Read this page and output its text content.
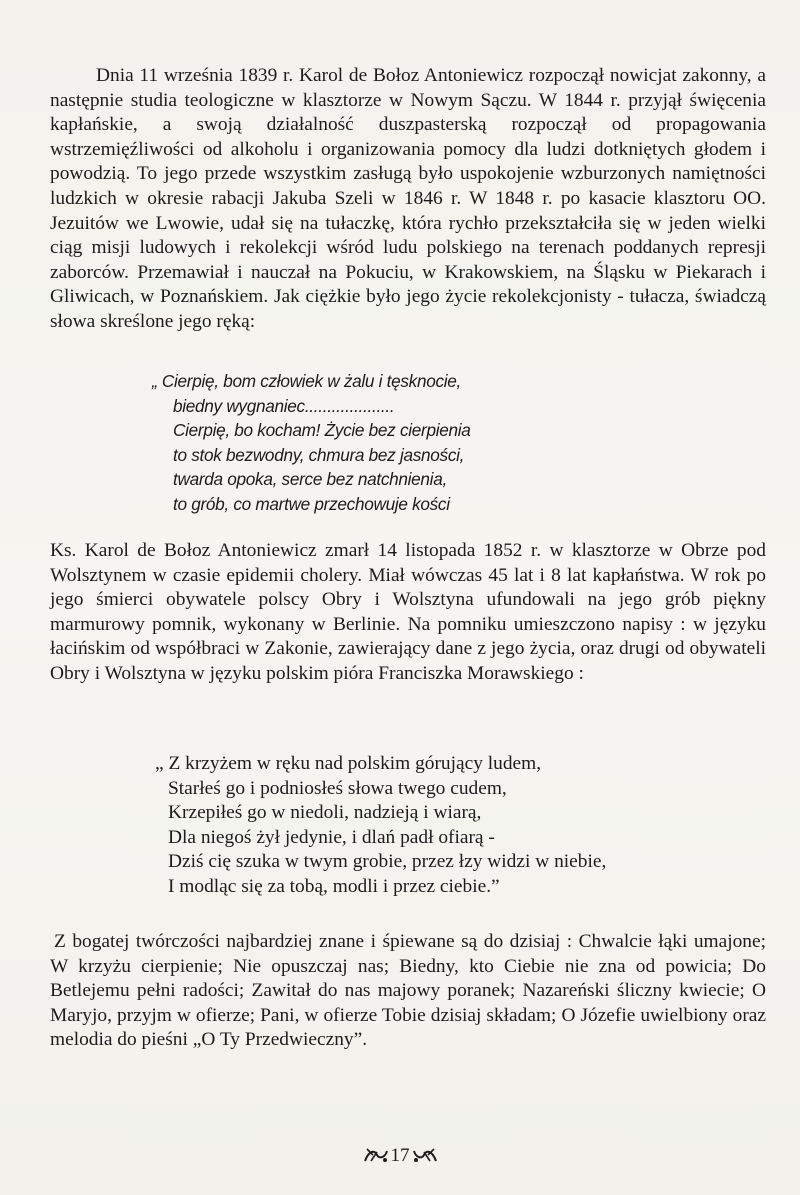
Dnia 11 września 1839 r. Karol de Bołoz Antoniewicz rozpoczął nowicjat zakonny, a następnie studia teologiczne w klasztorze w Nowym Sączu. W 1844 r. przyjął święcenia kapłańskie, a swoją działalność duszpasterską rozpoczął od propagowania wstrzemięźliwości od alkoholu i organizowania pomocy dla ludzi dotkniętych głodem i powodzią. To jego przede wszystkim zasługą było uspokojenie wzburzonych namiętności ludzkich w okresie rabacji Jakuba Szeli w 1846 r. W 1848 r. po kasacie klasztoru OO. Jezuitów we Lwowie, udał się na tułaczkę, która rychło przekształciła się w jeden wielki ciąg misji ludowych i rekolekcji wśród ludu polskiego na terenach poddanych represji zaborców. Przemawiał i nauczał na Pokuciu, w Krakowskiem, na Śląsku w Piekarach i Gliwicach, w Poznańskiem. Jak ciężkie było jego życie rekolekcjonisty - tułacza, świadczą słowa skreślone jego ręką:

„ Cierpię, bom człowiek w żalu i tęsknocie,
biedny wygnaniec....................
Cierpię, bo kocham! Życie bez cierpienia
to stok bezwodny, chmura bez jasności,
twarda opoka, serce bez natchnienia,
to grób, co martwe przechowuje kości

Ks. Karol de Bołoz Antoniewicz zmarł 14 listopada 1852 r. w klasztorze w Obrze pod Wolsztynem w czasie epidemii cholery. Miał wówczas 45 lat i 8 lat kapłaństwa. W rok po jego śmierci obywatele polscy Obry i Wolsztyna ufundowali na jego grób piękny marmurowy pomnik, wykonany w Berlinie. Na pomniku umieszczono napisy : w języku łacińskim od współbraci w Zakonie, zawierający dane z jego życia, oraz drugi od obywateli Obry i Wolsztyna w języku polskim pióra Franciszka Morawskiego :

„ Z krzyżem w ręku nad polskim górujący ludem,
Starłeś go i podniosłeś słowa twego cudem,
Krzepiłeś go w niedoli, nadzieją i wiarą,
Dla niegoś żył jedynie, i dlań padł ofiarą -
Dziś cię szuka w twym grobie, przez łzy widzi w niebie,
I modląc się za tobą, modli i przez ciebie.”

Z bogatej twórczości najbardziej znane i śpiewane są do dzisiaj : Chwalcie łąki umajone; W krzyżu cierpienie; Nie opuszczaj nas; Biedny, kto Ciebie nie zna od powicia; Do Betlejemu pełni radości; Zawitał do nas majowy poranek; Nazareński śliczny kwiecie; O Maryjo, przyjm w ofierze; Pani, w ofierze Tobie dzisiaj składam; O Józefie uwielbiony oraz melodia do pieśni „O Ty Przedwieczny”.

17
